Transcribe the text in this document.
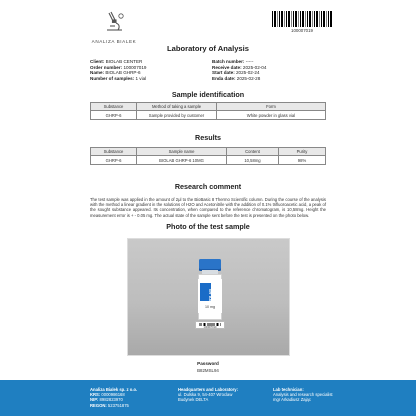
ANALIZA BIALEK
100007019
Laboratory of Analysis
Client: BIOLAB CENTER
Order number: 100007019
Name: BIOLAB GHRP-6
Number of samples: 1 vial
Batch number: -----
Receive date: 2025-02-04
Start date: 2025-02-24
Enda date: 2025-02-28
Sample identification
Substance	Method of taking a sample	Form
GHRP-6	Sample provided by customer	White powder in glass vial
Results
Substance	Sample name	Content	Purity
GHRP-6	BIOLAB GHRP-6 10MG	10,58mg	98%
Research comment
The test sample was applied in the amount of 2μl to the BioBasic 8 Thermo Scientific column. During the course of the analysis with the method a linear gradient in the solutions of H2O and Acetonitrile with the addition of 0.1% trifluoroacetic acid, a peak of the sought substance appeared. Its concentration, when compared to the reference chromatogram, is 10,58mg. Height the measurement error is + - 0.05 mg. The actual state of the sample sent before the test is presented on the photo below.
Photo of the test sample
BIOLAB
10 mg
100007019
Password
B82MSL94
Analiza Bialek sp. z o.o.
KRS: 0000986168
NIP: 8982823970
REGON: 523751875
Headquarters and Laboratory:
ul. Dulska 9, 54-407 Wroclaw
Budynek DELTA
Lab technician:
Analysis and research specialist
mgr Arkadiusz Zając
